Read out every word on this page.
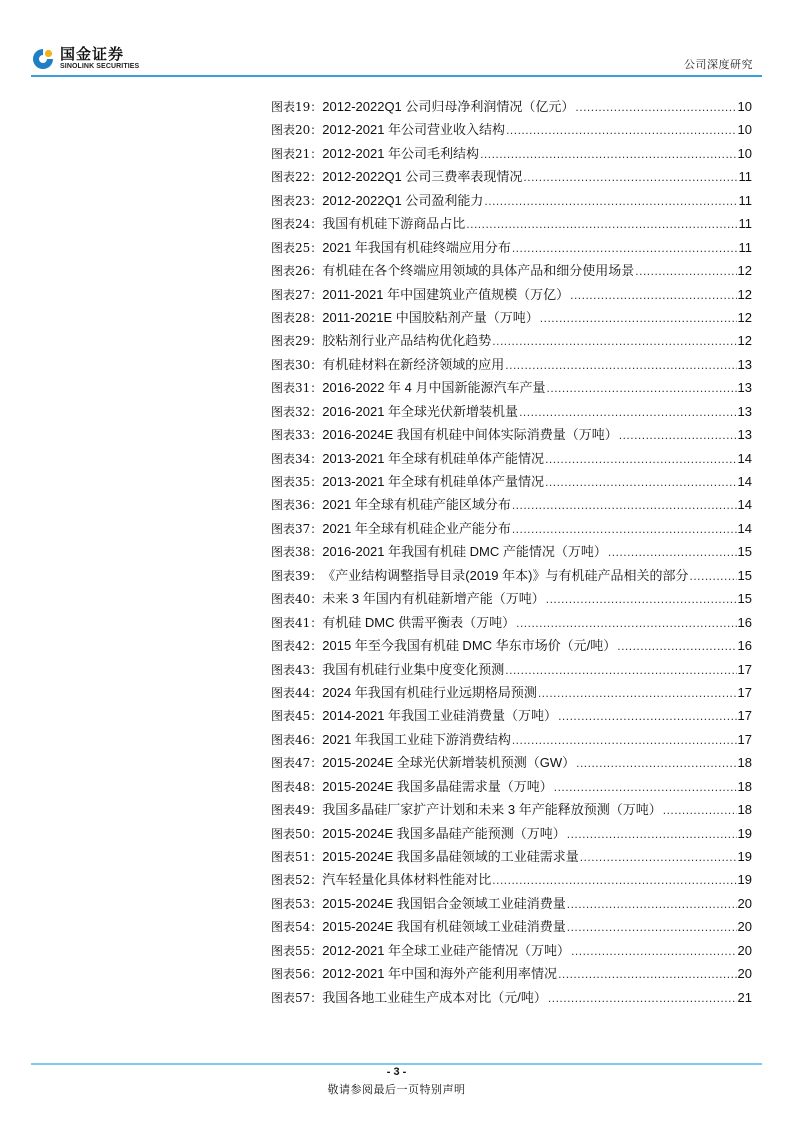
国金证券
SINOLINK SECURITIES	公司深度研究
图表19： 2012-2022Q1 公司归母净利润情况（亿元） .....	10
图表20： 2012-2021 年公司营业收入结构 .....	10
图表21： 2012-2021 年公司毛利结构 .....	10
图表22： 2012-2022Q1 公司三费率表现情况 .....	11
图表23： 2012-2022Q1 公司盈利能力 .....	11
图表24： 我国有机硅下游商品占比 .....	11
图表25： 2021 年我国有机硅终端应用分布 .....	11
图表26： 有机硅在各个终端应用领域的具体产品和细分使用场景 .....	12
图表27： 2011-2021 年中国建筑业产值规模（万亿） .....	12
图表28： 2011-2021E 中国胶粘剂产量（万吨） .....	12
图表29： 胶粘剂行业产品结构优化趋势 .....	12
图表30： 有机硅材料在新经济领域的应用 .....	13
图表31： 2016-2022 年 4 月中国新能源汽车产量 .....	13
图表32： 2016-2021 年全球光伏新增装机量 .....	13
图表33： 2016-2024E 我国有机硅中间体实际消费量（万吨） .....	13
图表34： 2013-2021 年全球有机硅单体产能情况 .....	14
图表35： 2013-2021 年全球有机硅单体产量情况 .....	14
图表36： 2021 年全球有机硅产能区域分布 .....	14
图表37： 2021 年全球有机硅企业产能分布 .....	14
图表38： 2016-2021 年我国有机硅 DMC 产能情况（万吨） .....	15
图表39： 《产业结构调整指导目录(2019 年本)》与有机硅产品相关的部分 .....	15
图表40： 未来 3 年国内有机硅新增产能（万吨） .....	15
图表41： 有机硅 DMC 供需平衡表（万吨） .....	16
图表42： 2015 年至今我国有机硅 DMC 华东市场价（元/吨） .....	16
图表43： 我国有机硅行业集中度变化预测 .....	17
图表44： 2024 年我国有机硅行业远期格局预测 .....	17
图表45： 2014-2021 年我国工业硅消费量（万吨） .....	17
图表46： 2021 年我国工业硅下游消费结构 .....	17
图表47： 2015-2024E 全球光伏新增装机预测（GW） .....	18
图表48： 2015-2024E 我国多晶硅需求量（万吨） .....	18
图表49： 我国多晶硅厂家扩产计划和未来 3 年产能释放预测（万吨） .....	18
图表50： 2015-2024E 我国多晶硅产能预测（万吨） .....	19
图表51： 2015-2024E 我国多晶硅领域的工业硅需求量 .....	19
图表52： 汽车轻量化具体材料性能对比 .....	19
图表53： 2015-2024E 我国铝合金领域工业硅消费量 .....	20
图表54： 2015-2024E 我国有机硅领域工业硅消费量 .....	20
图表55： 2012-2021 年全球工业硅产能情况（万吨） .....	20
图表56： 2012-2021 年中国和海外产能利用率情况 .....	20
图表57： 我国各地工业硅生产成本对比（元/吨） .....	21
- 3 -
敬请参阅最后一页特别声明
